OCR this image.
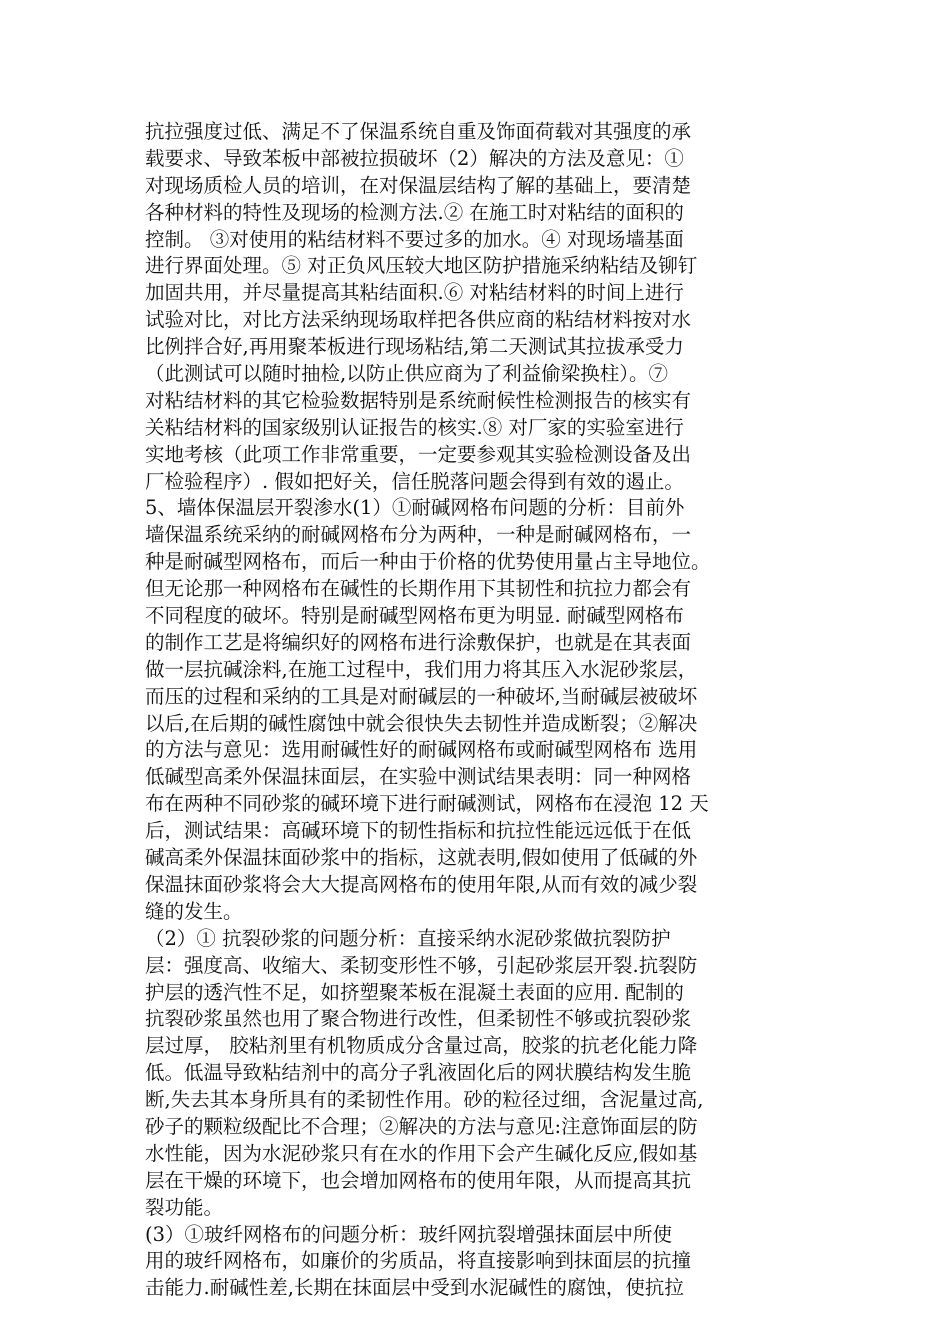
抗拉强度过低、满足不了保温系统自重及饰面荷载对其强度的承
载要求、导致苯板中部被拉损破坏（2）解决的方法及意见：①
对现场质检人员的培训，在对保温层结构了解的基础上，要清楚
各种材料的特性及现场的检测方法.② 在施工时对粘结的面积的
控制。 ③对使用的粘结材料不要过多的加水。④ 对现场墙基面
进行界面处理。⑤ 对正负风压较大地区防护措施采纳粘结及铆钉
加固共用，并尽量提高其粘结面积.⑥ 对粘结材料的时间上进行
试验对比，对比方法采纳现场取样把各供应商的粘结材料按对水
比例拌合好,再用聚苯板进行现场粘结,第二天测试其拉拔承受力
（此测试可以随时抽检,以防止供应商为了利益偷梁换柱）。⑦
对粘结材料的其它检验数据特别是系统耐候性检测报告的核实有
关粘结材料的国家级别认证报告的核实.⑧ 对厂家的实验室进行
实地考核（此项工作非常重要，一定要参观其实验检测设备及出
厂检验程序）. 假如把好关，信任脱落问题会得到有效的遏止。
5、墙体保温层开裂渗水(1）①耐碱网格布问题的分析：目前外
墙保温系统采纳的耐碱网格布分为两种，一种是耐碱网格布，一
种是耐碱型网格布，而后一种由于价格的优势使用量占主导地位。
但无论那一种网格布在碱性的长期作用下其韧性和抗拉力都会有
不同程度的破坏。特别是耐碱型网格布更为明显. 耐碱型网格布
的制作工艺是将编织好的网格布进行涂敷保护，也就是在其表面
做一层抗碱涂料,在施工过程中，我们用力将其压入水泥砂浆层，
而压的过程和采纳的工具是对耐碱层的一种破坏,当耐碱层被破坏
以后,在后期的碱性腐蚀中就会很快失去韧性并造成断裂；②解决
的方法与意见：选用耐碱性好的耐碱网格布或耐碱型网格布 选用
低碱型高柔外保温抹面层，在实验中测试结果表明：同一种网格
布在两种不同砂浆的碱环境下进行耐碱测试，网格布在浸泡 12 天
后，测试结果：高碱环境下的韧性指标和抗拉性能远远低于在低
碱高柔外保温抹面砂浆中的指标，这就表明,假如使用了低碱的外
保温抹面砂浆将会大大提高网格布的使用年限,从而有效的减少裂
缝的发生。
（2）① 抗裂砂浆的问题分析：直接采纳水泥砂浆做抗裂防护
层：强度高、收缩大、柔韧变形性不够，引起砂浆层开裂.抗裂防
护层的透汽性不足，如挤塑聚苯板在混凝土表面的应用. 配制的
抗裂砂浆虽然也用了聚合物进行改性，但柔韧性不够或抗裂砂浆
层过厚， 胶粘剂里有机物质成分含量过高，胶浆的抗老化能力降
低。低温导致粘结剂中的高分子乳液固化后的网状膜结构发生脆
断,失去其本身所具有的柔韧性作用。砂的粒径过细，含泥量过高,
砂子的颗粒级配比不合理；②解决的方法与意见:注意饰面层的防
水性能，因为水泥砂浆只有在水的作用下会产生碱化反应,假如基
层在干燥的环境下，也会增加网格布的使用年限，从而提高其抗
裂功能。
(3）①玻纤网格布的问题分析：玻纤网抗裂增强抹面层中所使
用的玻纤网格布，如廉价的劣质品，将直接影响到抹面层的抗撞
击能力.耐碱性差,长期在抹面层中受到水泥碱性的腐蚀，使抗拉
